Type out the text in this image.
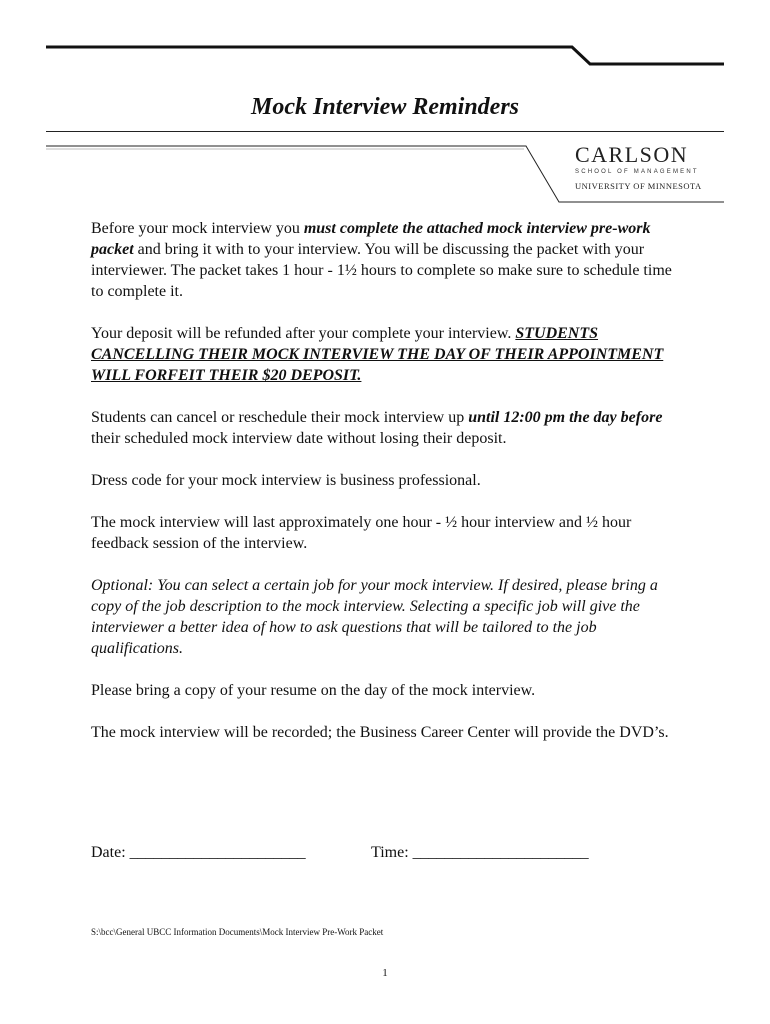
Mock Interview Reminders
CARLSON
SCHOOL OF MANAGEMENT
UNIVERSITY OF MINNESOTA

Before your mock interview you must complete the attached mock interview pre-work packet and bring it with to your interview. You will be discussing the packet with your interviewer. The packet takes 1 hour - 1½ hours to complete so make sure to schedule time to complete it.

Your deposit will be refunded after your complete your interview. STUDENTS CANCELLING THEIR MOCK INTERVIEW THE DAY OF THEIR APPOINTMENT WILL FORFEIT THEIR $20 DEPOSIT.

Students can cancel or reschedule their mock interview up until 12:00 pm the day before their scheduled mock interview date without losing their deposit.

Dress code for your mock interview is business professional.

The mock interview will last approximately one hour - ½ hour interview and ½ hour feedback session of the interview.

Optional: You can select a certain job for your mock interview. If desired, please bring a copy of the job description to the mock interview. Selecting a specific job will give the interviewer a better idea of how to ask questions that will be tailored to the job qualifications.

Please bring a copy of your resume on the day of the mock interview.

The mock interview will be recorded; the Business Career Center will provide the DVD’s.

Date: ______________________	Time: ______________________
S:\bcc\General UBCC Information Documents\Mock Interview Pre-Work Packet
1
